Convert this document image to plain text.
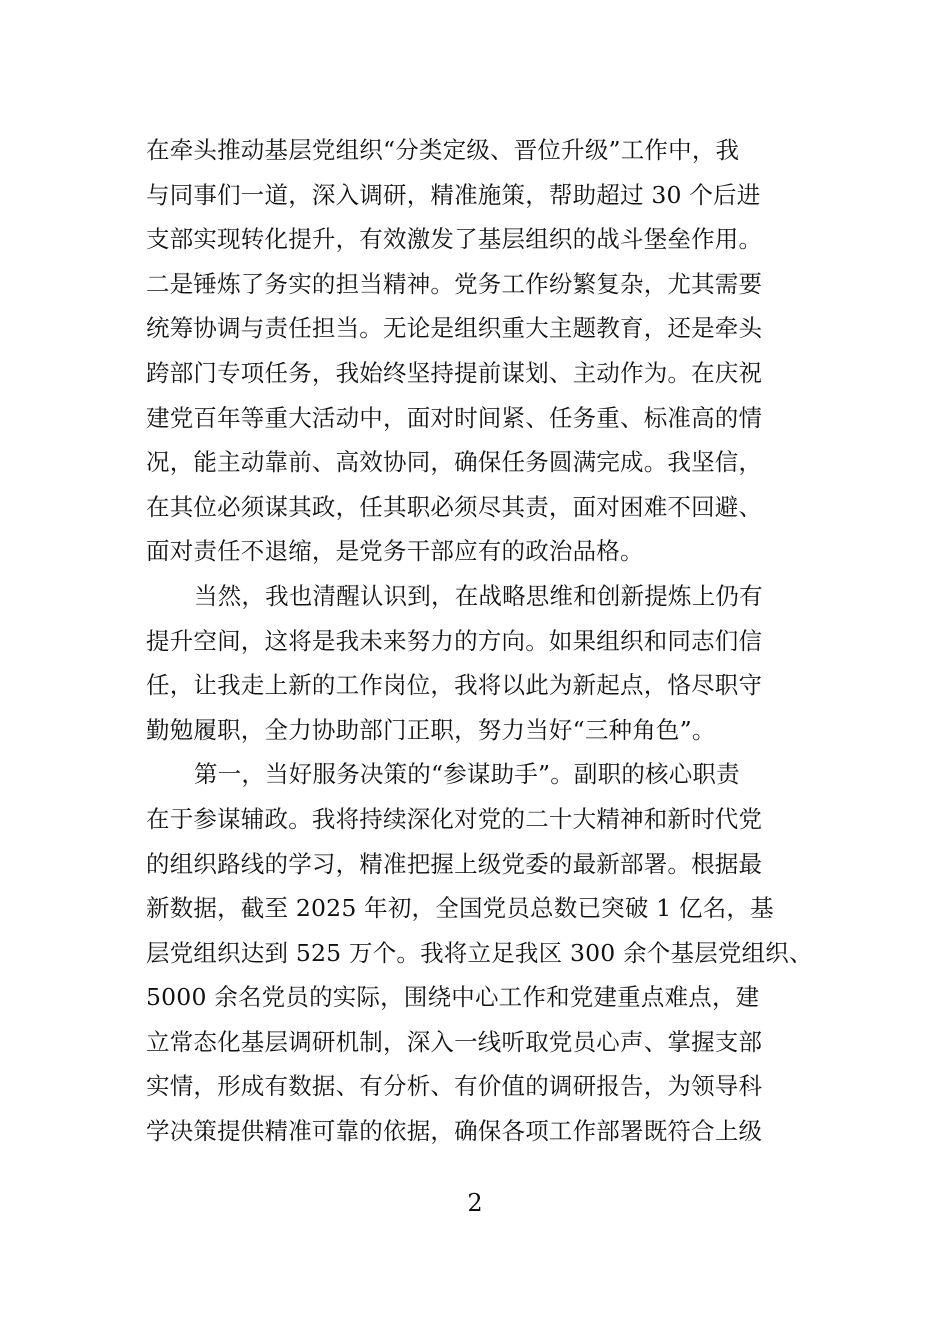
在牵头推动基层党组织“分类定级、晋位升级”工作中，我
与同事们一道，深入调研，精准施策，帮助超过 30 个后进
支部实现转化提升，有效激发了基层组织的战斗堡垒作用。
二是锤炼了务实的担当精神。党务工作纷繁复杂，尤其需要
统筹协调与责任担当。无论是组织重大主题教育，还是牵头
跨部门专项任务，我始终坚持提前谋划、主动作为。在庆祝
建党百年等重大活动中，面对时间紧、任务重、标准高的情
况，能主动靠前、高效协同，确保任务圆满完成。我坚信，
在其位必须谋其政，任其职必须尽其责，面对困难不回避、
面对责任不退缩，是党务干部应有的政治品格。
当然，我也清醒认识到，在战略思维和创新提炼上仍有
提升空间，这将是我未来努力的方向。如果组织和同志们信
任，让我走上新的工作岗位，我将以此为新起点，恪尽职守
勤勉履职，全力协助部门正职，努力当好“三种角色”。
第一，当好服务决策的“参谋助手”。副职的核心职责
在于参谋辅政。我将持续深化对党的二十大精神和新时代党
的组织路线的学习，精准把握上级党委的最新部署。根据最
新数据，截至 2025 年初，全国党员总数已突破 1 亿名，基
层党组织达到 525 万个。我将立足我区 300 余个基层党组织、
5000 余名党员的实际，围绕中心工作和党建重点难点，建
立常态化基层调研机制，深入一线听取党员心声、掌握支部
实情，形成有数据、有分析、有价值的调研报告，为领导科
学决策提供精准可靠的依据，确保各项工作部署既符合上级
2
